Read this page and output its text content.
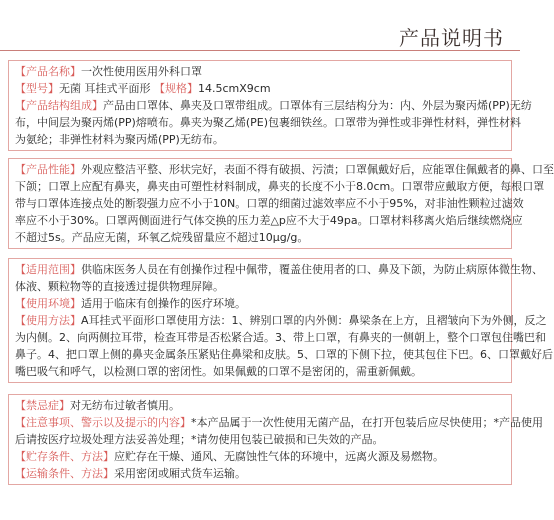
产品说明书
【产品名称】一次性使用医用外科口罩
【型号】无菌 耳挂式平面形 【规格】14.5cmX9cm
【产品结构组成】产品由口罩体、鼻夹及口罩带组成。口罩体有三层结构分为：内、外层为聚丙烯(PP)无纺
布，中间层为聚丙烯(PP)熔喷布。鼻夹为聚乙烯(PE)包裹细铁丝。口罩带为弹性或非弹性材料，弹性材料
为氨纶；非弹性材料为聚丙烯(PP)无纺布。
【产品性能】外观应整洁平整、形状完好，表面不得有破损、污渍；口罩佩戴好后，应能罩住佩戴者的鼻、口至
下颌；口罩上应配有鼻夹，鼻夹由可塑性材料制成，鼻夹的长度不小于8.0cm。口罩带应戴取方便，每根口罩
带与口罩体连接点处的断裂强力应不小于10N。口罩的细菌过滤效率应不小于95%，对非油性颗粒过滤效
率应不小于30%。口罩两侧面进行气体交换的压力差△p应不大于49pa。口罩材料移离火焰后继续燃烧应
不超过5s。产品应无菌，环氧乙烷残留量应不超过10μg/g。
【适用范围】供临床医务人员在有创操作过程中佩带，覆盖住使用者的口、鼻及下颌，为防止病原体微生物、
体液、颗粒物等的直接透过提供物理屏障。
【使用环境】适用于临床有创操作的医疗环境。
【使用方法】A耳挂式平面形口罩使用方法：1、辨别口罩的内外侧：鼻梁条在上方，且褶皱向下为外侧，反之
为内侧。2、向两侧拉耳带，检查耳带是否松紧合适。3、带上口罩，有鼻夹的一侧朝上，整个口罩包住嘴巴和
鼻子。4、把口罩上侧的鼻夹金属条压紧贴住鼻梁和皮肤。5、口罩的下侧下拉，使其包住下巴。6、口罩戴好后
嘴巴吸气和呼气，以检测口罩的密闭性。如果佩戴的口罩不是密闭的，需重新佩戴。
【禁忌症】对无纺布过敏者慎用。
【注意事项、警示以及提示的内容】*本产品属于一次性使用无菌产品，在打开包装后应尽快使用；*产品使用
后请按医疗垃圾处理方法妥善处理；*请勿使用包装已破损和已失效的产品。
【贮存条件、方法】应贮存在干燥、通风、无腐蚀性气体的环境中，远离火源及易燃物。
【运输条件、方法】采用密闭或厢式货车运输。
